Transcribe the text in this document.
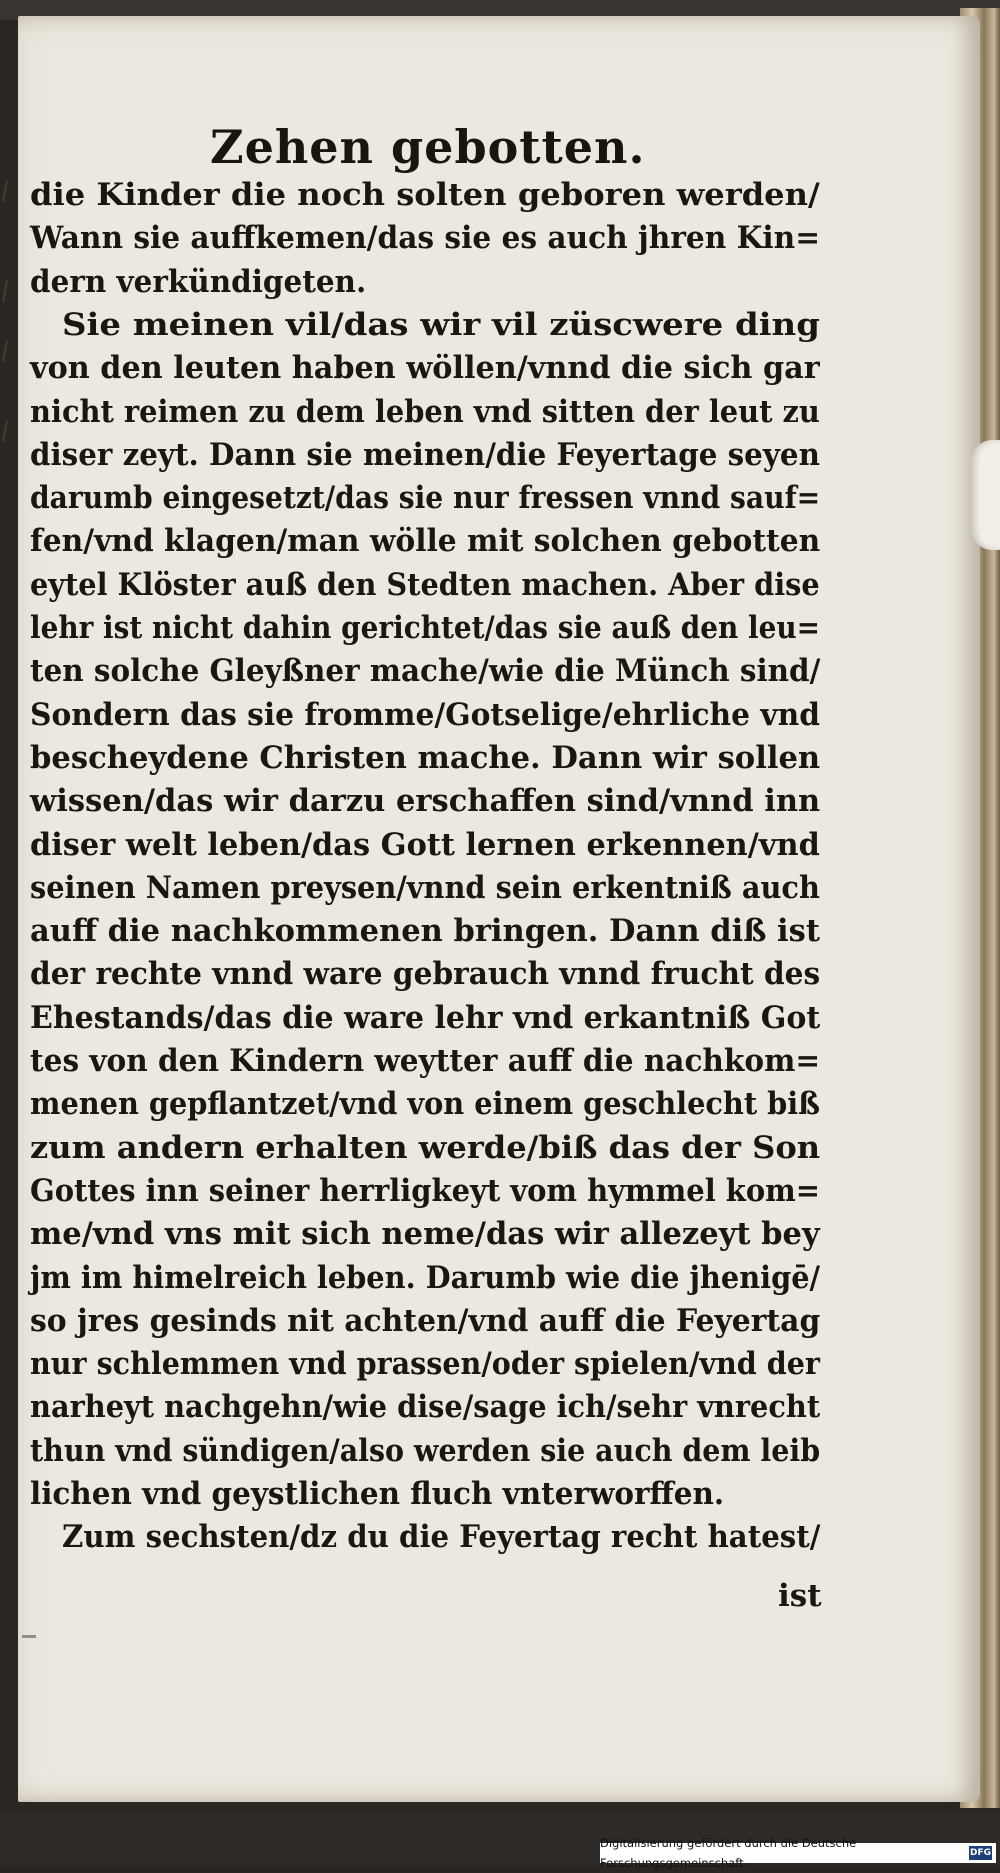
Zehen gebotten.
die Kinder die noch solten geboren werden/
Wann sie auffkemen/das sie es auch jhren Kin=
dern verkündigeten.
Sie meinen vil/das wir vil züscwere ding
von den leuten haben wöllen/vnnd die sich gar
nicht reimen zu dem leben vnd sitten der leut zu
diser zeyt. Dann sie meinen/die Feyertage seyen
darumb eingesetzt/das sie nur fressen vnnd sauf=
fen/vnd klagen/man wölle mit solchen gebotten
eytel Klöster auß den Stedten machen. Aber dise
lehr ist nicht dahin gerichtet/das sie auß den leu=
ten solche Gleyßner mache/wie die Münch sind/
Sondern das sie fromme/Gotselige/ehrliche vnd
bescheydene Christen mache. Dann wir sollen
wissen/das wir darzu erschaffen sind/vnnd inn
diser welt leben/das Gott lernen erkennen/vnd
seinen Namen preysen/vnnd sein erkentniß auch
auff die nachkommenen bringen. Dann diß ist
der rechte vnnd ware gebrauch vnnd frucht des
Ehestands/das die ware lehr vnd erkantniß Got
tes von den Kindern weytter auff die nachkom=
menen gepflantzet/vnd von einem geschlecht biß
zum andern erhalten werde/biß das der Son
Gottes inn seiner herrligkeyt vom hymmel kom=
me/vnd vns mit sich neme/das wir allezeyt bey
jm im himelreich leben. Darumb wie die jhenigē/
so jres gesinds nit achten/vnd auff die Feyertag
nur schlemmen vnd prassen/oder spielen/vnd der
narheyt nachgehn/wie dise/sage ich/sehr vnrecht
thun vnd sündigen/also werden sie auch dem leib
lichen vnd geystlichen fluch vnterworffen.
Zum sechsten/dz du die Feyertag recht hatest/
ist
Digitalisierung gefördert durch die Deutsche Forschungsgemeinschaft -
DFG
